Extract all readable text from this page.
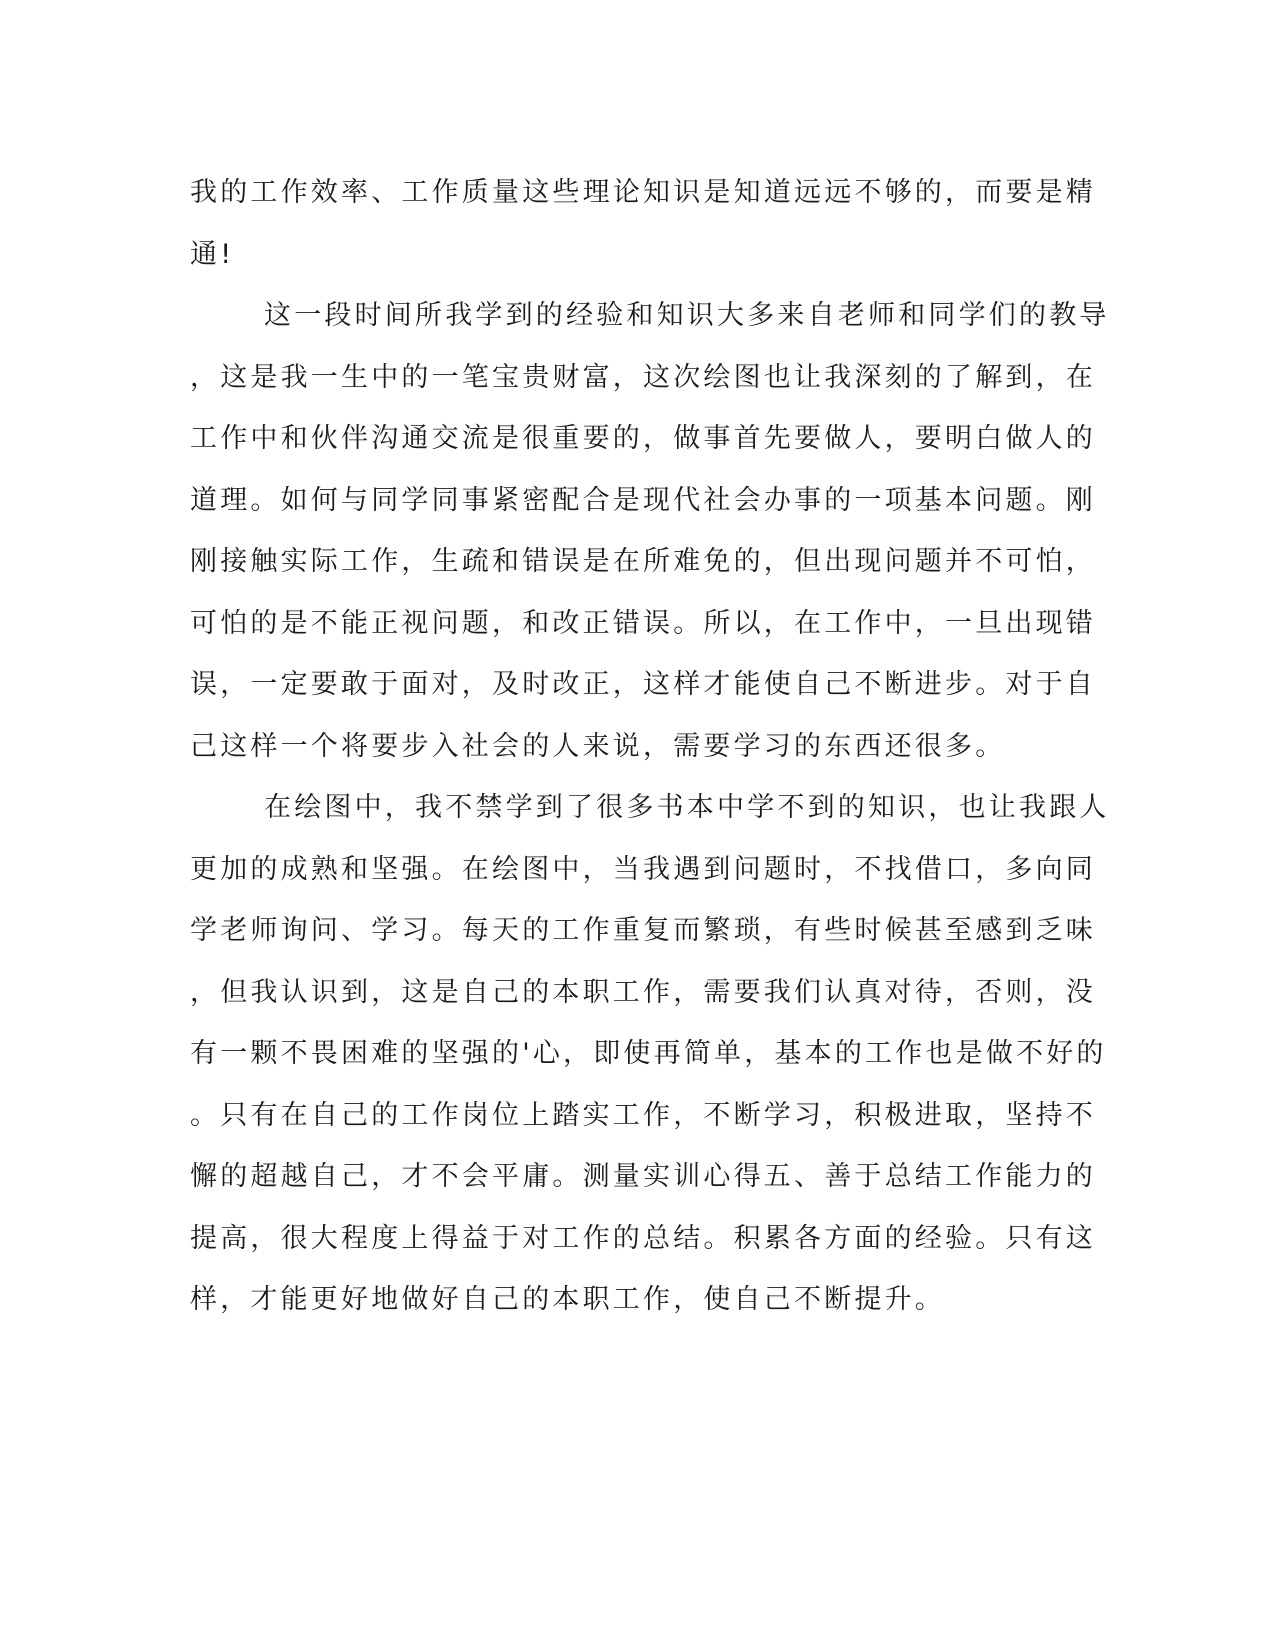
我的工作效率、工作质量这些理论知识是知道远远不够的，而要是精
通!
这一段时间所我学到的经验和知识大多来自老师和同学们的教导
，这是我一生中的一笔宝贵财富，这次绘图也让我深刻的了解到，在
工作中和伙伴沟通交流是很重要的，做事首先要做人，要明白做人的
道理。如何与同学同事紧密配合是现代社会办事的一项基本问题。刚
刚接触实际工作，生疏和错误是在所难免的，但出现问题并不可怕，
可怕的是不能正视问题，和改正错误。所以，在工作中，一旦出现错
误，一定要敢于面对，及时改正，这样才能使自己不断进步。对于自
己这样一个将要步入社会的人来说，需要学习的东西还很多。
在绘图中，我不禁学到了很多书本中学不到的知识，也让我跟人
更加的成熟和坚强。在绘图中，当我遇到问题时，不找借口，多向同
学老师询问、学习。每天的工作重复而繁琐，有些时候甚至感到乏味
，但我认识到，这是自己的本职工作，需要我们认真对待，否则，没
有一颗不畏困难的坚强的'心，即使再简单，基本的工作也是做不好的
。只有在自己的工作岗位上踏实工作，不断学习，积极进取，坚持不
懈的超越自己，才不会平庸。测量实训心得五、善于总结工作能力的
提高，很大程度上得益于对工作的总结。积累各方面的经验。只有这
样，才能更好地做好自己的本职工作，使自己不断提升。
